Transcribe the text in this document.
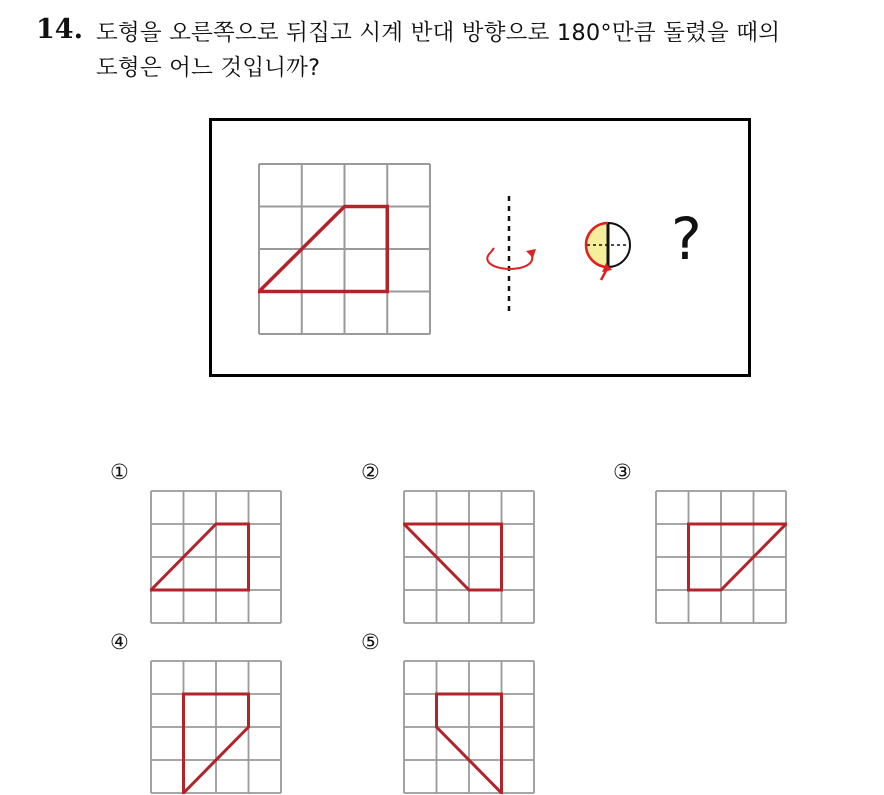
14. 도형을 오른쪽으로 뒤집고 시계 반대 방향으로 180°만큼 돌렸을 때의
도형은 어느 것입니까?
?
①	②	③
④	⑤
